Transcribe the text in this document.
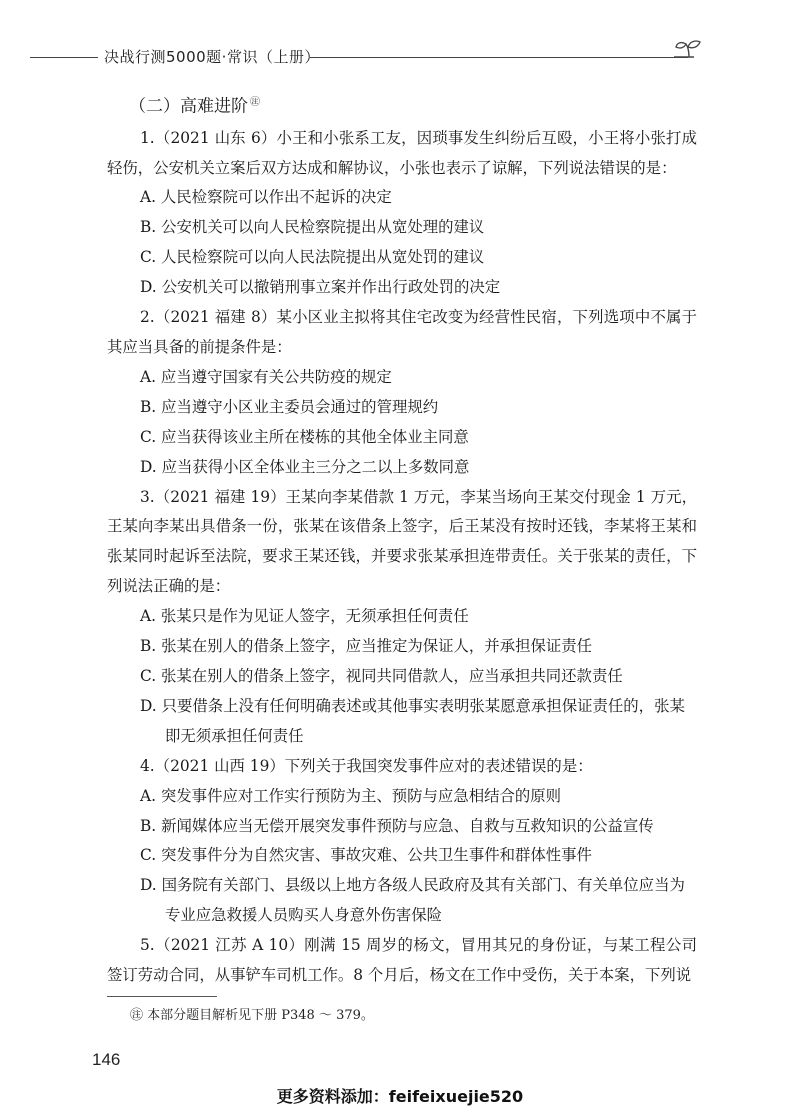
决战行测5000题·常识（上册）
（二）高难进阶 ㊟

1.（2021 山东 6）小王和小张系工友，因琐事发生纠纷后互殴，小王将小张打成轻伤，公安机关立案后双方达成和解协议，小张也表示了谅解，下列说法错误的是：

A. 人民检察院可以作出不起诉的决定

B. 公安机关可以向人民检察院提出从宽处理的建议

C. 人民检察院可以向人民法院提出从宽处罚的建议

D. 公安机关可以撤销刑事立案并作出行政处罚的决定

2.（2021 福建 8）某小区业主拟将其住宅改变为经营性民宿，下列选项中不属于其应当具备的前提条件是：

A. 应当遵守国家有关公共防疫的规定

B. 应当遵守小区业主委员会通过的管理规约

C. 应当获得该业主所在楼栋的其他全体业主同意

D. 应当获得小区全体业主三分之二以上多数同意

3.（2021 福建 19）王某向李某借款 1 万元，李某当场向王某交付现金 1 万元，王某向李某出具借条一份，张某在该借条上签字，后王某没有按时还钱，李某将王某和张某同时起诉至法院，要求王某还钱，并要求张某承担连带责任。关于张某的责任，下列说法正确的是：

A. 张某只是作为见证人签字，无须承担任何责任

B. 张某在别人的借条上签字，应当推定为保证人，并承担保证责任

C. 张某在别人的借条上签字，视同共同借款人，应当承担共同还款责任

D. 只要借条上没有任何明确表述或其他事实表明张某愿意承担保证责任的，张某即无须承担任何责任

4.（2021 山西 19）下列关于我国突发事件应对的表述错误的是：

A. 突发事件应对工作实行预防为主、预防与应急相结合的原则

B. 新闻媒体应当无偿开展突发事件预防与应急、自救与互救知识的公益宣传

C. 突发事件分为自然灾害、事故灾难、公共卫生事件和群体性事件

D. 国务院有关部门、县级以上地方各级人民政府及其有关部门、有关单位应当为专业应急救援人员购买人身意外伤害保险

5.（2021 江苏 A 10）刚满 15 周岁的杨文，冒用其兄的身份证，与某工程公司签订劳动合同，从事铲车司机工作。8 个月后，杨文在工作中受伤，关于本案，下列说

㊟ 本部分题目解析见下册 P348 ～ 379。
146
更多资料添加：feifeixuejie520
